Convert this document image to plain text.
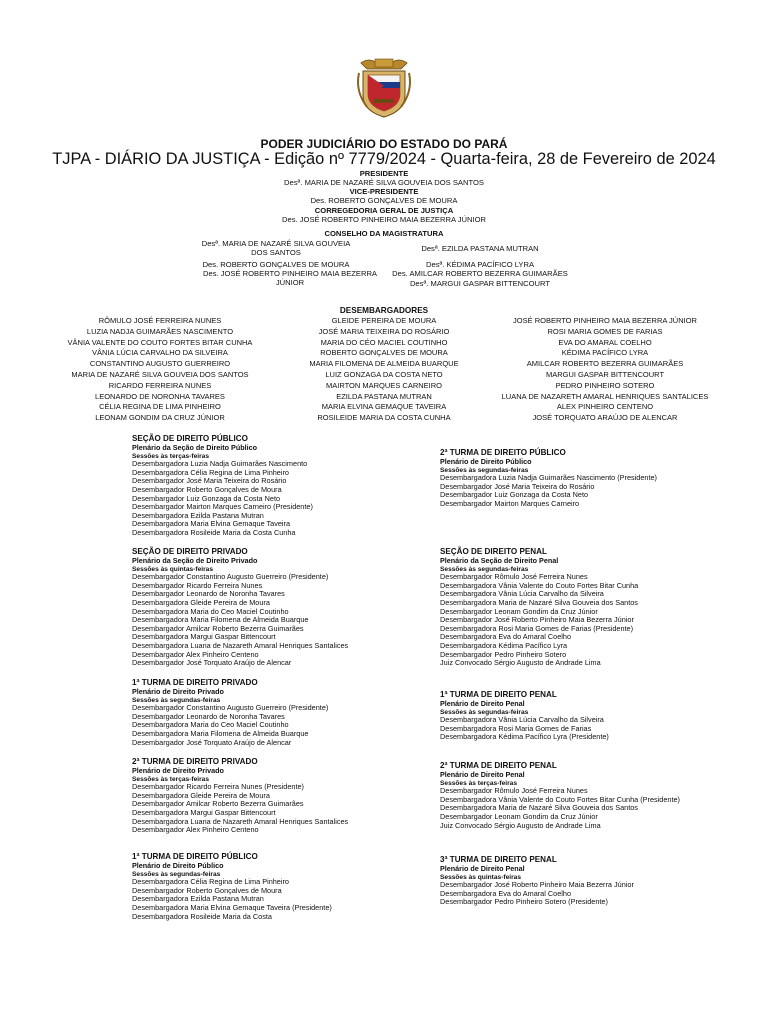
PODER JUDICIÁRIO DO ESTADO DO PARÁ
TJPA - DIÁRIO DA JUSTIÇA - Edição nº 7779/2024 - Quarta-feira, 28 de Fevereiro de 2024
PRESIDENTE
Desª. MARIA DE NAZARÉ SILVA GOUVEIA DOS SANTOS
VICE-PRESIDENTE
Des. ROBERTO GONÇALVES DE MOURA
CORREGEDORIA GERAL DE JUSTIÇA
Des. JOSÉ ROBERTO PINHEIRO MAIA BEZERRA JÚNIOR
CONSELHO DA MAGISTRATURA
Desª. MARIA DE NAZARÉ SILVA GOUVEIA DOS SANTOS
Des. ROBERTO GONÇALVES DE MOURA
Des. JOSÉ ROBERTO PINHEIRO MAIA BEZERRA JÚNIOR
Desª. EZILDA PASTANA MUTRAN
Desª. KÉDIMA PACÍFICO LYRA
Des. AMILCAR ROBERTO BEZERRA GUIMARÃES
Desª. MARGUI GASPAR BITTENCOURT
DESEMBARGADORES
RÔMULO JOSÉ FERREIRA NUNES
LUZIA NADJA GUIMARÃES NASCIMENTO
VÂNIA VALENTE DO COUTO FORTES BITAR CUNHA
VÂNIA LÚCIA CARVALHO DA SILVEIRA
CONSTANTINO AUGUSTO GUERREIRO
MARIA DE NAZARÉ SILVA GOUVEIA DOS SANTOS
RICARDO FERREIRA NUNES
LEONARDO DE NORONHA TAVARES
CÉLIA REGINA DE LIMA PINHEIRO
LEONAM GONDIM DA CRUZ JÚNIOR
GLEIDE PEREIRA DE MOURA
JOSÉ MARIA TEIXEIRA DO ROSÁRIO
MARIA DO CÉO MACIEL COUTINHO
ROBERTO GONÇALVES DE MOURA
MARIA FILOMENA DE ALMEIDA BUARQUE
LUIZ GONZAGA DA COSTA NETO
MAIRTON MARQUES CARNEIRO
EZILDA PASTANA MUTRAN
MARIA ELVINA GEMAQUE TAVEIRA
ROSILEIDE MARIA DA COSTA CUNHA
JOSÉ ROBERTO PINHEIRO MAIA BEZERRA JÚNIOR
ROSI MARIA GOMES DE FARIAS
EVA DO AMARAL COELHO
KÉDIMA PACÍFICO LYRA
AMILCAR ROBERTO BEZERRA GUIMARÃES
MARGUI GASPAR BITTENCOURT
PEDRO PINHEIRO SOTERO
LUANA DE NAZARETH AMARAL HENRIQUES SANTALICES
ALEX PINHEIRO CENTENO
JOSÉ TORQUATO ARAÚJO DE ALENCAR
SEÇÃO DE DIREITO PÚBLICO
Plenário da Seção de Direito Público
Sessões às terças-feiras
Desembargadora Luzia Nadja Guimarães Nascimento
Desembargadora Célia Regina de Lima Pinheiro
Desembargador José Maria Teixeira do Rosário
Desembargador Roberto Gonçalves de Moura
Desembargador Luiz Gonzaga da Costa Neto
Desembargador Mairton Marques Carneiro (Presidente)
Desembargadora Ezilda Pastana Mutran
Desembargadora Maria Elvina Gemaque Taveira
Desembargadora Rosileide Maria da Costa Cunha
2ª TURMA DE DIREITO PÚBLICO
Plenário de Direito Público
Sessões às segundas-feiras
Desembargadora Luzia Nadja Guimarães Nascimento (Presidente)
Desembargador José Maria Teixeira do Rosário
Desembargador Luiz Gonzaga da Costa Neto
Desembargador Mairton Marques Carneiro
SEÇÃO DE DIREITO PRIVADO
Plenário da Seção de Direito Privado
Sessões às quintas-feiras
Desembargador Constantino Augusto Guerreiro (Presidente)
Desembargador Ricardo Ferreira Nunes
Desembargador Leonardo de Noronha Tavares
Desembargadora Gleide Pereira de Moura
Desembargadora Maria do Ceo Maciel Coutinho
Desembargadora Maria Filomena de Almeida Buarque
Desembargador Amilcar Roberto Bezerra Guimarães
Desembargadora Margui Gaspar Bittencourt
Desembargadora Luana de Nazareth Amaral Henriques Santalices
Desembargador Alex Pinheiro Centeno
Desembargador José Torquato Araújo de Alencar
SEÇÃO DE DIREITO PENAL
Plenário da Seção de Direito Penal
Sessões às segundas-feiras
Desembargador Rômulo José Ferreira Nunes
Desembargadora Vânia Valente do Couto Fortes Bitar Cunha
Desembargadora Vânia Lúcia Carvalho da Silveira
Desembargadora Maria de Nazaré Silva Gouveia dos Santos
Desembargador Leonam Gondim da Cruz Júnior
Desembargador José Roberto Pinheiro Maia Bezerra Júnior
Desembargadora Rosi Maria Gomes de Farias (Presidente)
Desembargadora Eva do Amaral Coelho
Desembargadora Kédima Pacífico Lyra
Desembargador Pedro Pinheiro Sotero
Juiz Convocado Sérgio Augusto de Andrade Lima
1ª TURMA DE DIREITO PRIVADO
Plenário de Direito Privado
Sessões às segundas-feiras
Desembargador Constantino Augusto Guerreiro (Presidente)
Desembargador Leonardo de Noronha Tavares
Desembargadora Maria do Ceo Maciel Coutinho
Desembargadora Maria Filomena de Almeida Buarque
Desembargador José Torquato Araújo de Alencar
1ª TURMA DE DIREITO PENAL
Plenário de Direito Penal
Sessões às segundas-feiras
Desembargadora Vânia Lúcia Carvalho da Silveira
Desembargadora Rosi Maria Gomes de Farias
Desembargadora Kédima Pacífico Lyra (Presidente)
2ª TURMA DE DIREITO PRIVADO
Plenário de Direito Privado
Sessões às terças-feiras
Desembargador Ricardo Ferreira Nunes (Presidente)
Desembargadora Gleide Pereira de Moura
Desembargador Amilcar Roberto Bezerra Guimarães
Desembargadora Margui Gaspar Bittencourt
Desembargadora Luana de Nazareth Amaral Henriques Santalices
Desembargador Alex Pinheiro Centeno
2ª TURMA DE DIREITO PENAL
Plenário de Direito Penal
Sessões às terças-feiras
Desembargador Rômulo José Ferreira Nunes
Desembargadora Vânia Valente do Couto Fortes Bitar Cunha (Presidente)
Desembargadora Maria de Nazaré Silva Gouveia dos Santos
Desembargador Leonam Gondim da Cruz Júnior
Juiz Convocado Sérgio Augusto de Andrade Lima
1ª TURMA DE DIREITO PÚBLICO
Plenário de Direito Público
Sessões às segundas-feiras
Desembargadora Célia Regina de Lima Pinheiro
Desembargador Roberto Gonçalves de Moura
Desembargadora Ezilda Pastana Mutran
Desembargadora Maria Elvina Gemaque Taveira (Presidente)
Desembargadora Rosileide Maria da Costa
3ª TURMA DE DIREITO PENAL
Plenário de Direito Penal
Sessões às quintas-feiras
Desembargador José Roberto Pinheiro Maia Bezerra Júnior
Desembargadora Eva do Amaral Coelho
Desembargador Pedro Pinheiro Sotero (Presidente)
